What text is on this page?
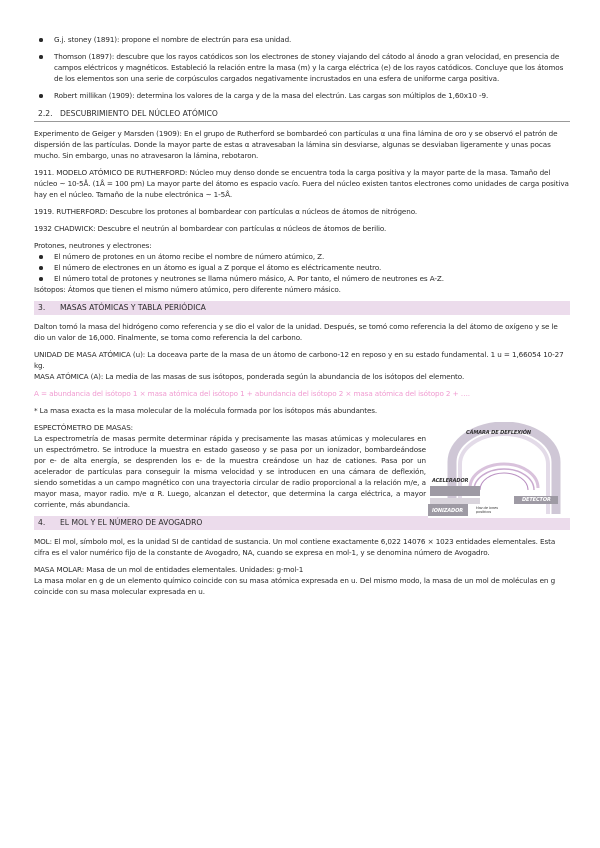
G.j. stoney (1891): propone el nombre de electrún para esa unidad.
Thomson (1897): descubre que los rayos catódicos son los electrones de stoney viajando del cátodo al ánodo a gran velocidad, en presencia de campos eléctricos y magnéticos. Estableció la relación entre la masa (m) y la carga eléctrica (e) de los rayos catódicos. Concluye que los átomos de los elementos son una serie de corpúsculos cargados negativamente incrustados en una esfera de uniforme carga positiva.
Robert millikan (1909): determina los valores de la carga y de la masa del electrún. Las cargas son múltiplos de 1,60x10 -9.
2.2. DESCUBRIMIENTO DEL NÚCLEO ATÓMICO

Experimento de Geiger y Marsden (1909): En el grupo de Rutherford se bombardeó con partículas α una fina lámina de oro y se observó el patrón de dispersión de las partículas. Donde la mayor parte de estas α atravesaban la lámina sin desviarse, algunas se desviaban ligeramente y unas pocas mucho. Sin embargo, unas no atravesaron la lámina, rebotaron.

1911. MODELO ATÓMICO DE RUTHERFORD: Núcleo muy denso donde se encuentra toda la carga positiva y la mayor parte de la masa. Tamaño del núcleo ~ 10-5Å. (1Å = 100 pm) La mayor parte del átomo es espacio vacío. Fuera del núcleo existen tantos electrones como unidades de carga positiva hay en el núcleo. Tamaño de la nube electrónica ~ 1-5Å.

1919. RUTHERFORD: Descubre los protones al bombardear con partículas α núcleos de átomos de nitrógeno.

1932 CHADWICK: Descubre el neutrún al bombardear con partículas α núcleos de átomos de berilio.

Protones, neutrones y electrones:
El número de protones en un átomo recibe el nombre de número atúmico, Z.
El número de electrones en un átomo es igual a Z porque el átomo es eléctricamente neutro.
El número total de protones y neutrones se llama número másico, A. Por tanto, el número de neutrones es A-Z.
Isótopos: Átomos que tienen el mismo número atúmico, pero diferente número másico.
3. MASAS ATÓMICAS Y TABLA PERIÓDICA

Dalton tomó la masa del hidrógeno como referencia y se dio el valor de la unidad. Después, se tomó como referencia la del átomo de oxígeno y se le dio un valor de 16,000. Finalmente, se toma como referencia la del carbono.

UNIDAD DE MASA ATÓMICA (u): La doceava parte de la masa de un átomo de carbono-12 en reposo y en su estado fundamental. 1 u = 1,66054 10-27 kg.

MASA ATÓMICA (A): La media de las masas de sus isótopos, ponderada según la abundancia de los isótopos del elemento.

A = abundancia del isótopo 1 × masa atómica del isótopo 1 + abundancia del isótopo 2 × masa atómica del isótopo 2 + ….

* La masa exacta es la masa molecular de la molécula formada por los isótopos más abundantes.

ESPECTÓMETRO DE MASAS:
La espectrometría de masas permite determinar rápida y precisamente las masas atúmicas y moleculares en un espectrómetro. Se introduce la muestra en estado gaseoso y se pasa por un ionizador, bombardeándose por e- de alta energía, se desprenden los e- de la muestra creándose un haz de cationes. Pasa por un acelerador de partículas para conseguir la misma velocidad y se introducen en una cámara de deflexión, siendo sometidas a un campo magnético con una trayectoria circular de radio proporcional a la relación m/e, a mayor masa, mayor radio. m/e α R. Luego, alcanzan el detector, que determina la carga eléctrica, a mayor corriente, más abundancia.
CÁMARA DE DEFLEXIÓN
ACELERADOR
DETECTOR
IONIZADOR	Haz de iones positivos
4. EL MOL Y EL NÚMERO DE AVOGADRO

MOL: El mol, símbolo mol, es la unidad SI de cantidad de sustancia. Un mol contiene exactamente 6,022 14076 × 1023 entidades elementales. Esta cifra es el valor numérico fijo de la constante de Avogadro, NA, cuando se expresa en mol-1, y se denomina número de Avogadro.

MASA MOLAR: Masa de un mol de entidades elementales. Unidades: g·mol-1
La masa molar en g de un elemento químico coincide con su masa atómica expresada en u. Del mismo modo, la masa de un mol de moléculas en g coincide con su masa molecular expresada en u.
